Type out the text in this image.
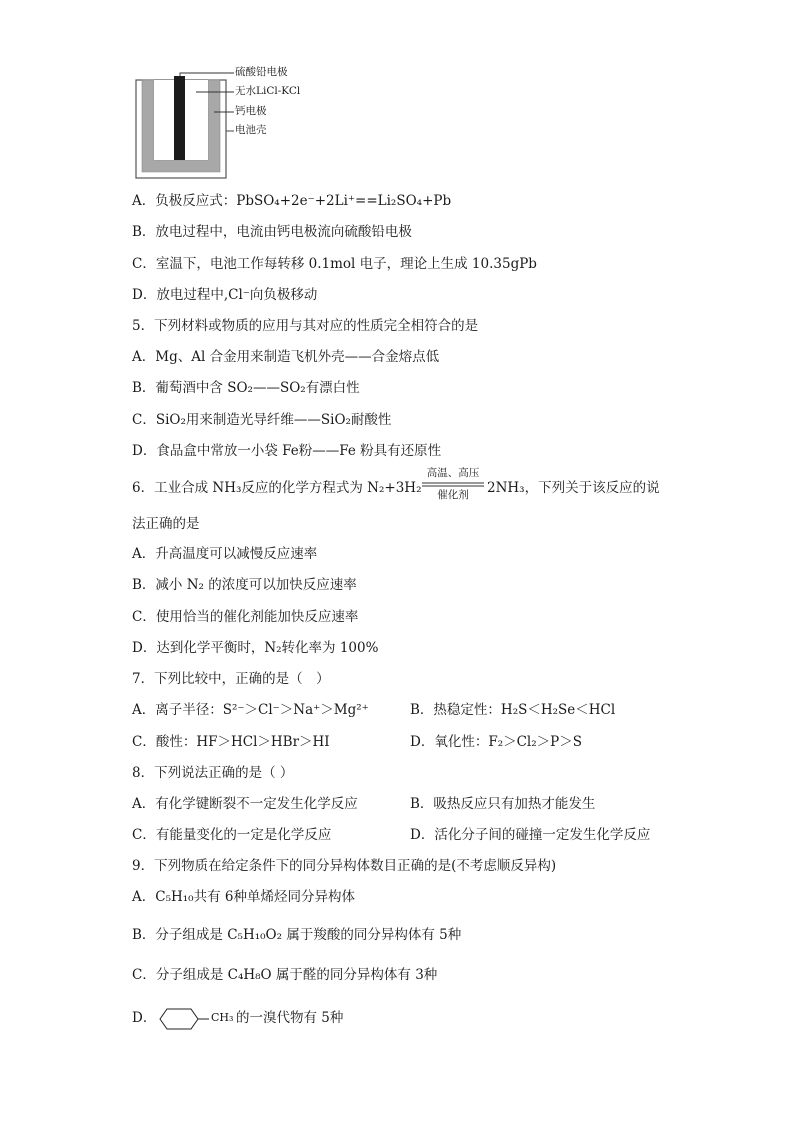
硫酸铅电极
无水LiCl-KCl
钙电极
电池壳
A．负极反应式：PbSO₄+2e⁻+2Li⁺==Li₂SO₄+Pb
B．放电过程中，电流由钙电极流向硫酸铅电极
C．室温下，电池工作每转移 0.1mol 电子，理论上生成 10.35gPb
D．放电过程中,Cl⁻向负极移动
5．下列材料或物质的应用与其对应的性质完全相符合的是
A．Mg、Al 合金用来制造飞机外壳——合金熔点低
B．葡萄酒中含 SO₂——SO₂有漂白性
C．SiO₂用来制造光导纤维——SiO₂耐酸性
D．食品盒中常放一小袋 Fe粉——Fe 粉具有还原性
6．工业合成 NH₃反应的化学方程式为 N₂+3H₂
高温、高压
催化剂	2NH₃，下列关于该反应的说
法正确的是
A．升高温度可以减慢反应速率
B．减小 N₂ 的浓度可以加快反应速率
C．使用恰当的催化剂能加快反应速率
D．达到化学平衡时，N₂转化率为 100%
7．下列比较中，正确的是（　）
A．离子半径：S²⁻＞Cl⁻＞Na⁺＞Mg²⁺	B．热稳定性：H₂S＜H₂Se＜HCl
C．酸性：HF＞HCl＞HBr＞HI	D．氧化性：F₂＞Cl₂＞P＞S
8．下列说法正确的是（ ）
A．有化学键断裂不一定发生化学反应	B．吸热反应只有加热才能发生
C．有能量变化的一定是化学反应	D．活化分子间的碰撞一定发生化学反应
9．下列物质在给定条件下的同分异构体数目正确的是(不考虑顺反异构)
A．C₅H₁₀共有 6种单烯烃同分异构体
B．分子组成是 C₅H₁₀O₂ 属于羧酸的同分异构体有 5种
C．分子组成是 C₄H₈O 属于醛的同分异构体有 3种
D．	CH₃ 的一溴代物有 5种
